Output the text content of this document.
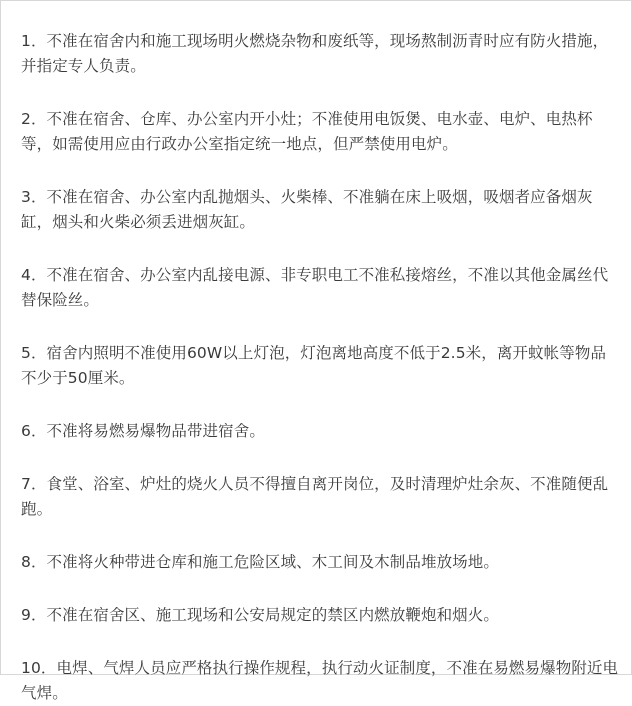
1．不准在宿舍内和施工现场明火燃烧杂物和废纸等，现场熬制沥青时应有防火措施，并指定专人负责。
2．不准在宿舍、仓库、办公室内开小灶；不准使用电饭煲、电水壶、电炉、电热杯等，如需使用应由行政办公室指定统一地点，但严禁使用电炉。
3．不准在宿舍、办公室内乱抛烟头、火柴棒、不准躺在床上吸烟，吸烟者应备烟灰缸，烟头和火柴必须丢进烟灰缸。
4．不准在宿舍、办公室内乱接电源、非专职电工不准私接熔丝，不准以其他金属丝代替保险丝。
5．宿舍内照明不准使用60W以上灯泡，灯泡离地高度不低于2.5米，离开蚊帐等物品不少于50厘米。
6．不准将易燃易爆物品带进宿舍。
7．食堂、浴室、炉灶的烧火人员不得擅自离开岗位，及时清理炉灶余灰、不准随便乱跑。
8．不准将火种带进仓库和施工危险区域、木工间及木制品堆放场地。
9．不准在宿舍区、施工现场和公安局规定的禁区内燃放鞭炮和烟火。
10．电焊、气焊人员应严格执行操作规程，执行动火证制度，不准在易燃易爆物附近电气焊。
